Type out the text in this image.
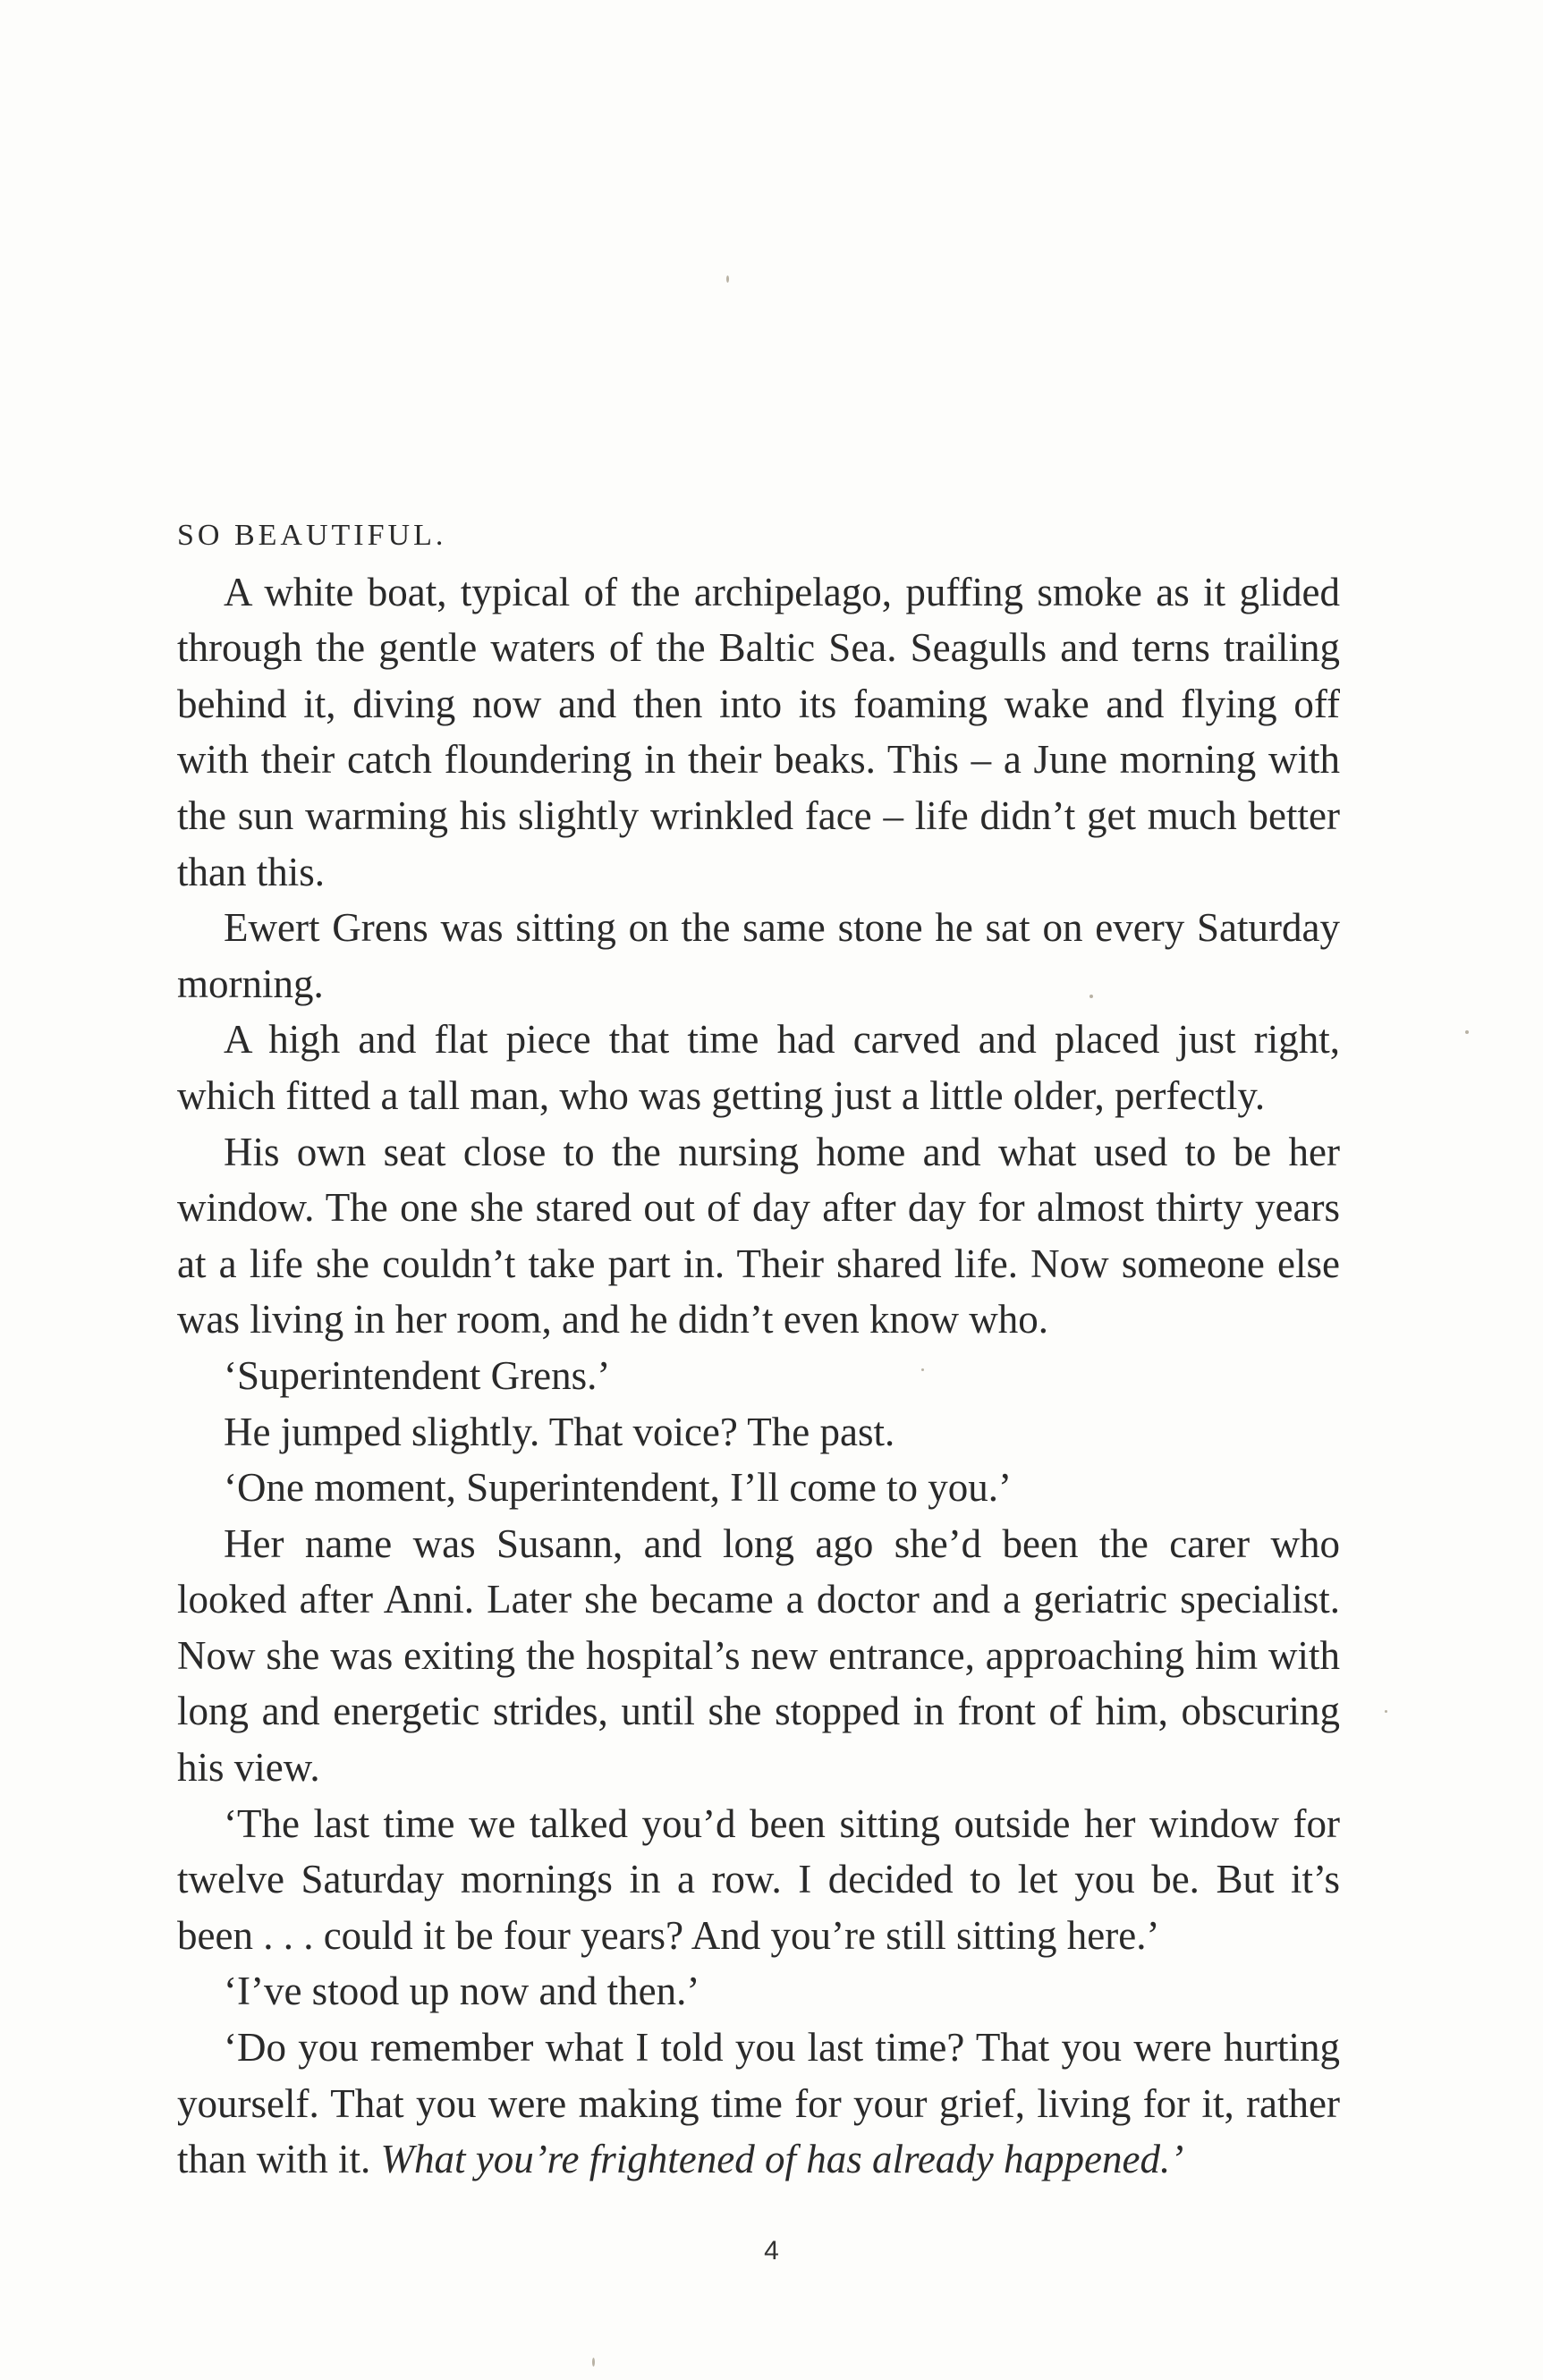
SO BEAUTIFUL.

A white boat, typical of the archipelago, puffing smoke as it glided through the gentle waters of the Baltic Sea. Seagulls and terns trailing behind it, diving now and then into its foaming wake and flying off with their catch floundering in their beaks. This – a June morning with the sun warming his slightly wrinkled face – life didn’t get much better than this.

Ewert Grens was sitting on the same stone he sat on every Saturday morning.

A high and flat piece that time had carved and placed just right, which fitted a tall man, who was getting just a little older, perfectly.

His own seat close to the nursing home and what used to be her window. The one she stared out of day after day for almost thirty years at a life she couldn’t take part in. Their shared life. Now someone else was living in her room, and he didn’t even know who.

‘Superintendent Grens.’

He jumped slightly. That voice? The past.

‘One moment, Superintendent, I’ll come to you.’

Her name was Susann, and long ago she’d been the carer who looked after Anni. Later she became a doctor and a geriatric specialist. Now she was exiting the hospital’s new entrance, approaching him with long and energetic strides, until she stopped in front of him, obscuring his view.

‘The last time we talked you’d been sitting outside her window for twelve Saturday mornings in a row. I decided to let you be. But it’s been . . . could it be four years? And you’re still sitting here.’

‘I’ve stood up now and then.’

‘Do you remember what I told you last time? That you were hurting yourself. That you were making time for your grief, living for it, rather than with it. What you’re frightened of has already happened.’

4
